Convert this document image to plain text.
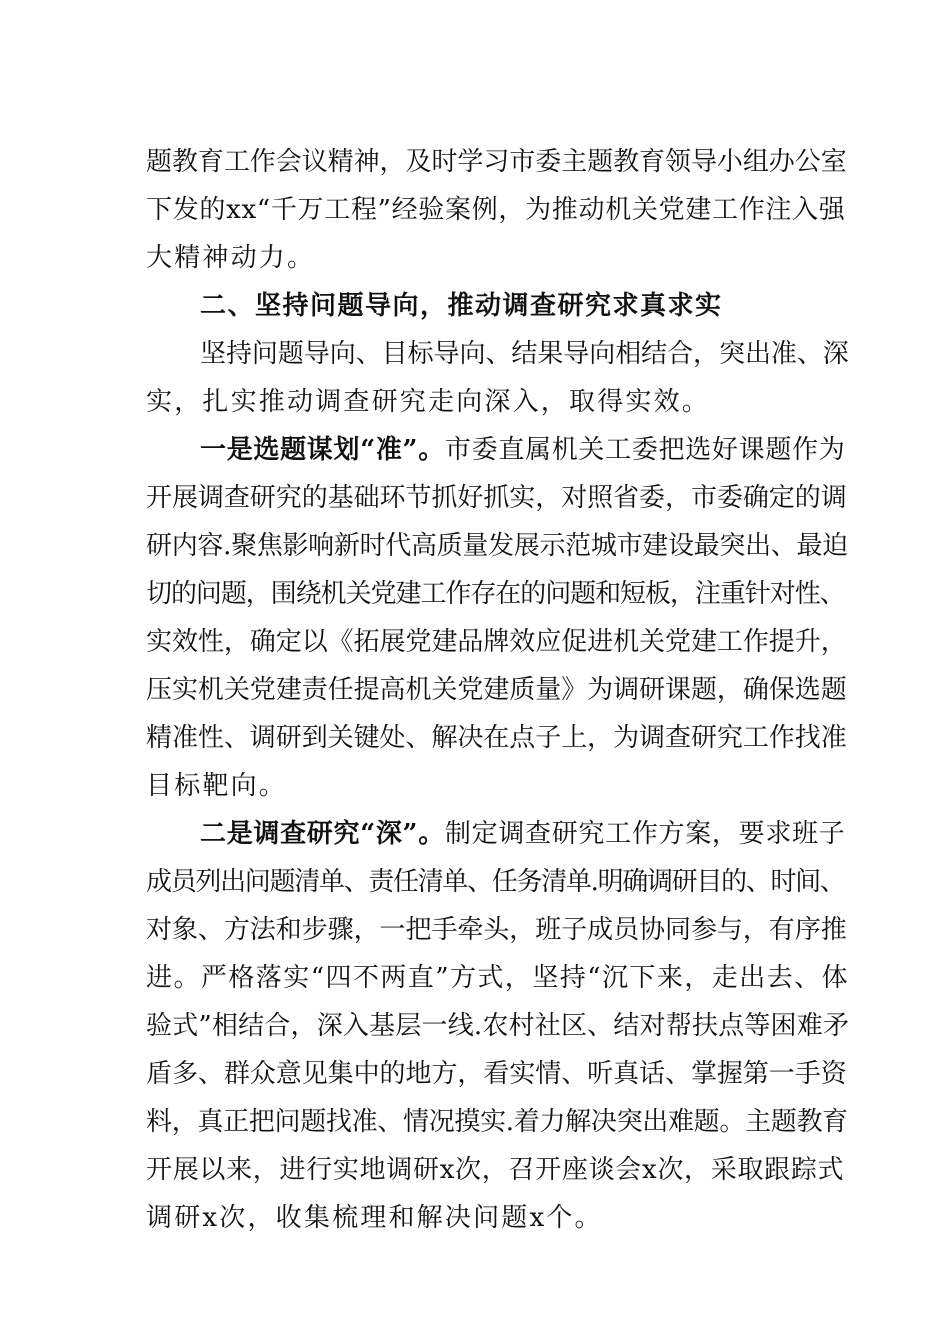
题教育工作会议精神，及时学习市委主题教育领导小组办公室
下发的xx“千万工程”经验案例，为推动机关党建工作注入强
大精神动力。
二、坚持问题导向，推动调查研究求真求实
坚持问题导向、目标导向、结果导向相结合，突出准、深
实，扎实推动调查研究走向深入，取得实效。
一是选题谋划“准”。市委直属机关工委把选好课题作为
开展调查研究的基础环节抓好抓实，对照省委，市委确定的调
研内容.聚焦影响新时代高质量发展示范城市建设最突出、最迫
切的问题，围绕机关党建工作存在的问题和短板，注重针对性、
实效性，确定以《拓展党建品牌效应促进机关党建工作提升，
压实机关党建责任提高机关党建质量》为调研课题，确保选题
精准性、调研到关键处、解决在点子上，为调查研究工作找准
目标靶向。
二是调查研究“深”。制定调查研究工作方案，要求班子
成员列出问题清单、责任清单、任务清单.明确调研目的、时间、
对象、方法和步骤，一把手牵头，班子成员协同参与，有序推
进。严格落实“四不两直”方式，坚持“沉下来，走出去、体
验式”相结合，深入基层一线.农村社区、结对帮扶点等困难矛
盾多、群众意见集中的地方，看实情、听真话、掌握第一手资
料，真正把问题找准、情况摸实.着力解决突出难题。主题教育
开展以来，进行实地调研x次，召开座谈会x次，采取跟踪式
调研x次，收集梳理和解决问题x个。
